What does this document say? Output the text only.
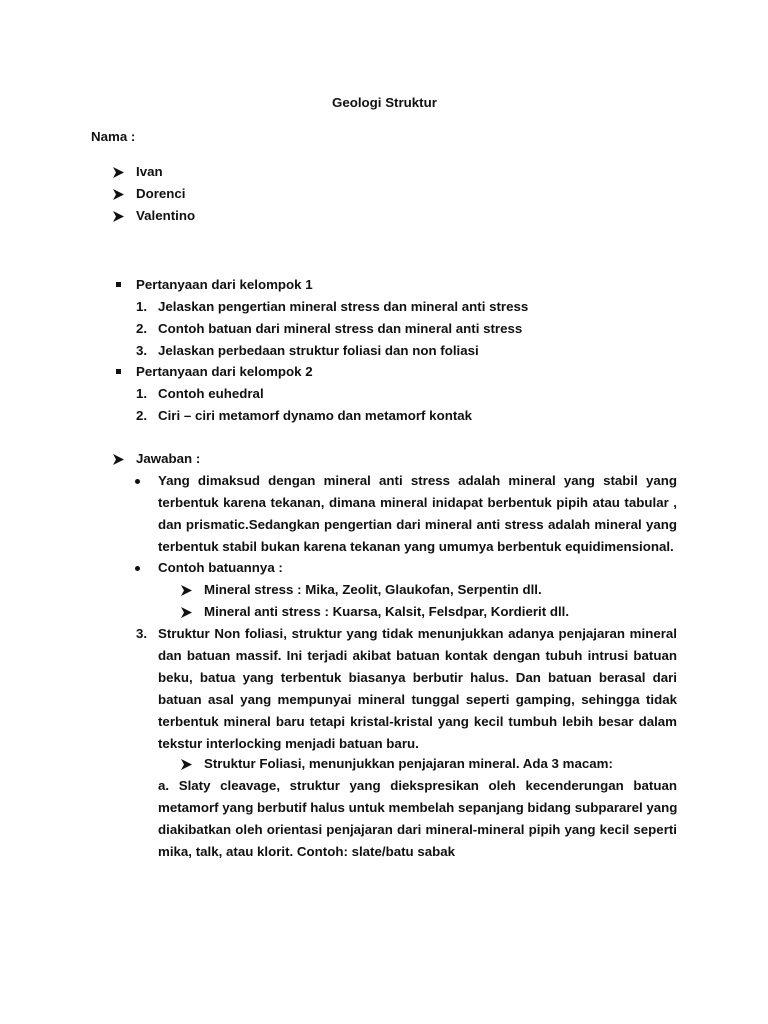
Geologi Struktur
Nama :
Ivan
Dorenci
Valentino
Pertanyaan dari kelompok 1
1. Jelaskan pengertian mineral stress dan mineral anti stress
2. Contoh batuan dari mineral stress dan mineral anti stress
3. Jelaskan perbedaan struktur foliasi dan non foliasi
Pertanyaan dari kelompok 2
1. Contoh euhedral
2. Ciri – ciri metamorf dynamo dan metamorf kontak
Jawaban :
Yang dimaksud dengan mineral anti stress adalah mineral yang stabil yang
terbentuk karena tekanan, dimana mineral inidapat berbentuk pipih atau tabular ,
dan prismatic.Sedangkan pengertian dari mineral anti stress adalah mineral yang
terbentuk stabil bukan karena tekanan yang umumya berbentuk equidimensional.
Contoh batuannya :
Mineral stress : Mika, Zeolit, Glaukofan, Serpentin dll.
Mineral anti stress : Kuarsa, Kalsit, Felsdpar, Kordierit dll.
3. Struktur Non foliasi, struktur yang tidak menunjukkan adanya penjajaran mineral
dan batuan massif. Ini terjadi akibat batuan kontak dengan tubuh intrusi batuan
beku, batua yang terbentuk biasanya berbutir halus. Dan batuan berasal dari
batuan asal yang mempunyai mineral tunggal seperti gamping, sehingga tidak
terbentuk mineral baru tetapi kristal-kristal yang kecil tumbuh lebih besar dalam
tekstur interlocking menjadi batuan baru.
Struktur Foliasi, menunjukkan penjajaran mineral. Ada 3 macam:
a. Slaty cleavage, struktur yang diekspresikan oleh kecenderungan batuan
metamorf yang berbutif halus untuk membelah sepanjang bidang subpararel yang
diakibatkan oleh orientasi penjajaran dari mineral-mineral pipih yang kecil seperti
mika, talk, atau klorit. Contoh: slate/batu sabak
